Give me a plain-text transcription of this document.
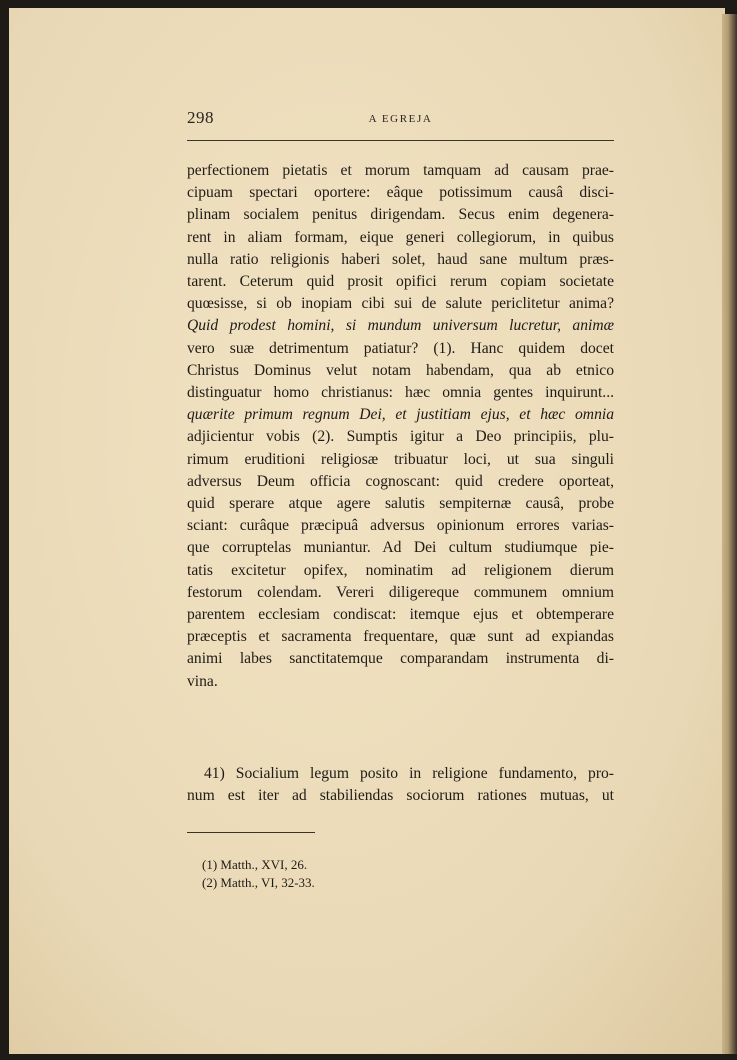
298	A EGREJA
perfectionem pietatis et morum tamquam ad causam prae-
cipuam spectari oportere: eâque potissimum causâ disci-
plinam socialem penitus dirigendam. Secus enim degenera-
rent in aliam formam, eique generi collegiorum, in quibus
nulla ratio religionis haberi solet, haud sane multum præs-
tarent. Ceterum quid prosit opifici rerum copiam societate
quœsisse, si ob inopiam cibi sui de salute periclitetur anima?
Quid prodest homini, si mundum universum lucretur, animæ
vero suæ detrimentum patiatur? (1). Hanc quidem docet
Christus Dominus velut notam habendam, qua ab etnico
distinguatur homo christianus: hæc omnia gentes inquirunt...
quærite primum regnum Dei, et justitiam ejus, et hæc omnia
adjicientur vobis (2). Sumptis igitur a Deo principiis, plu-
rimum eruditioni religiosæ tribuatur loci, ut sua singuli
adversus Deum officia cognoscant: quid credere oporteat,
quid sperare atque agere salutis sempiternæ causâ, probe
sciant: curâque præcipuâ adversus opinionum errores varias-
que corruptelas muniantur. Ad Dei cultum studiumque pie-
tatis excitetur opifex, nominatim ad religionem dierum
festorum colendam. Vereri diligereque communem omnium
parentem ecclesiam condiscat: itemque ejus et obtemperare
præceptis et sacramenta frequentare, quæ sunt ad expiandas
animi labes sanctitatemque comparandam instrumenta di-
vina.
41) Socialium legum posito in religione fundamento, pro-
num est iter ad stabiliendas sociorum rationes mutuas, ut
(1) Matth., XVI, 26.
(2) Matth., VI, 32-33.
